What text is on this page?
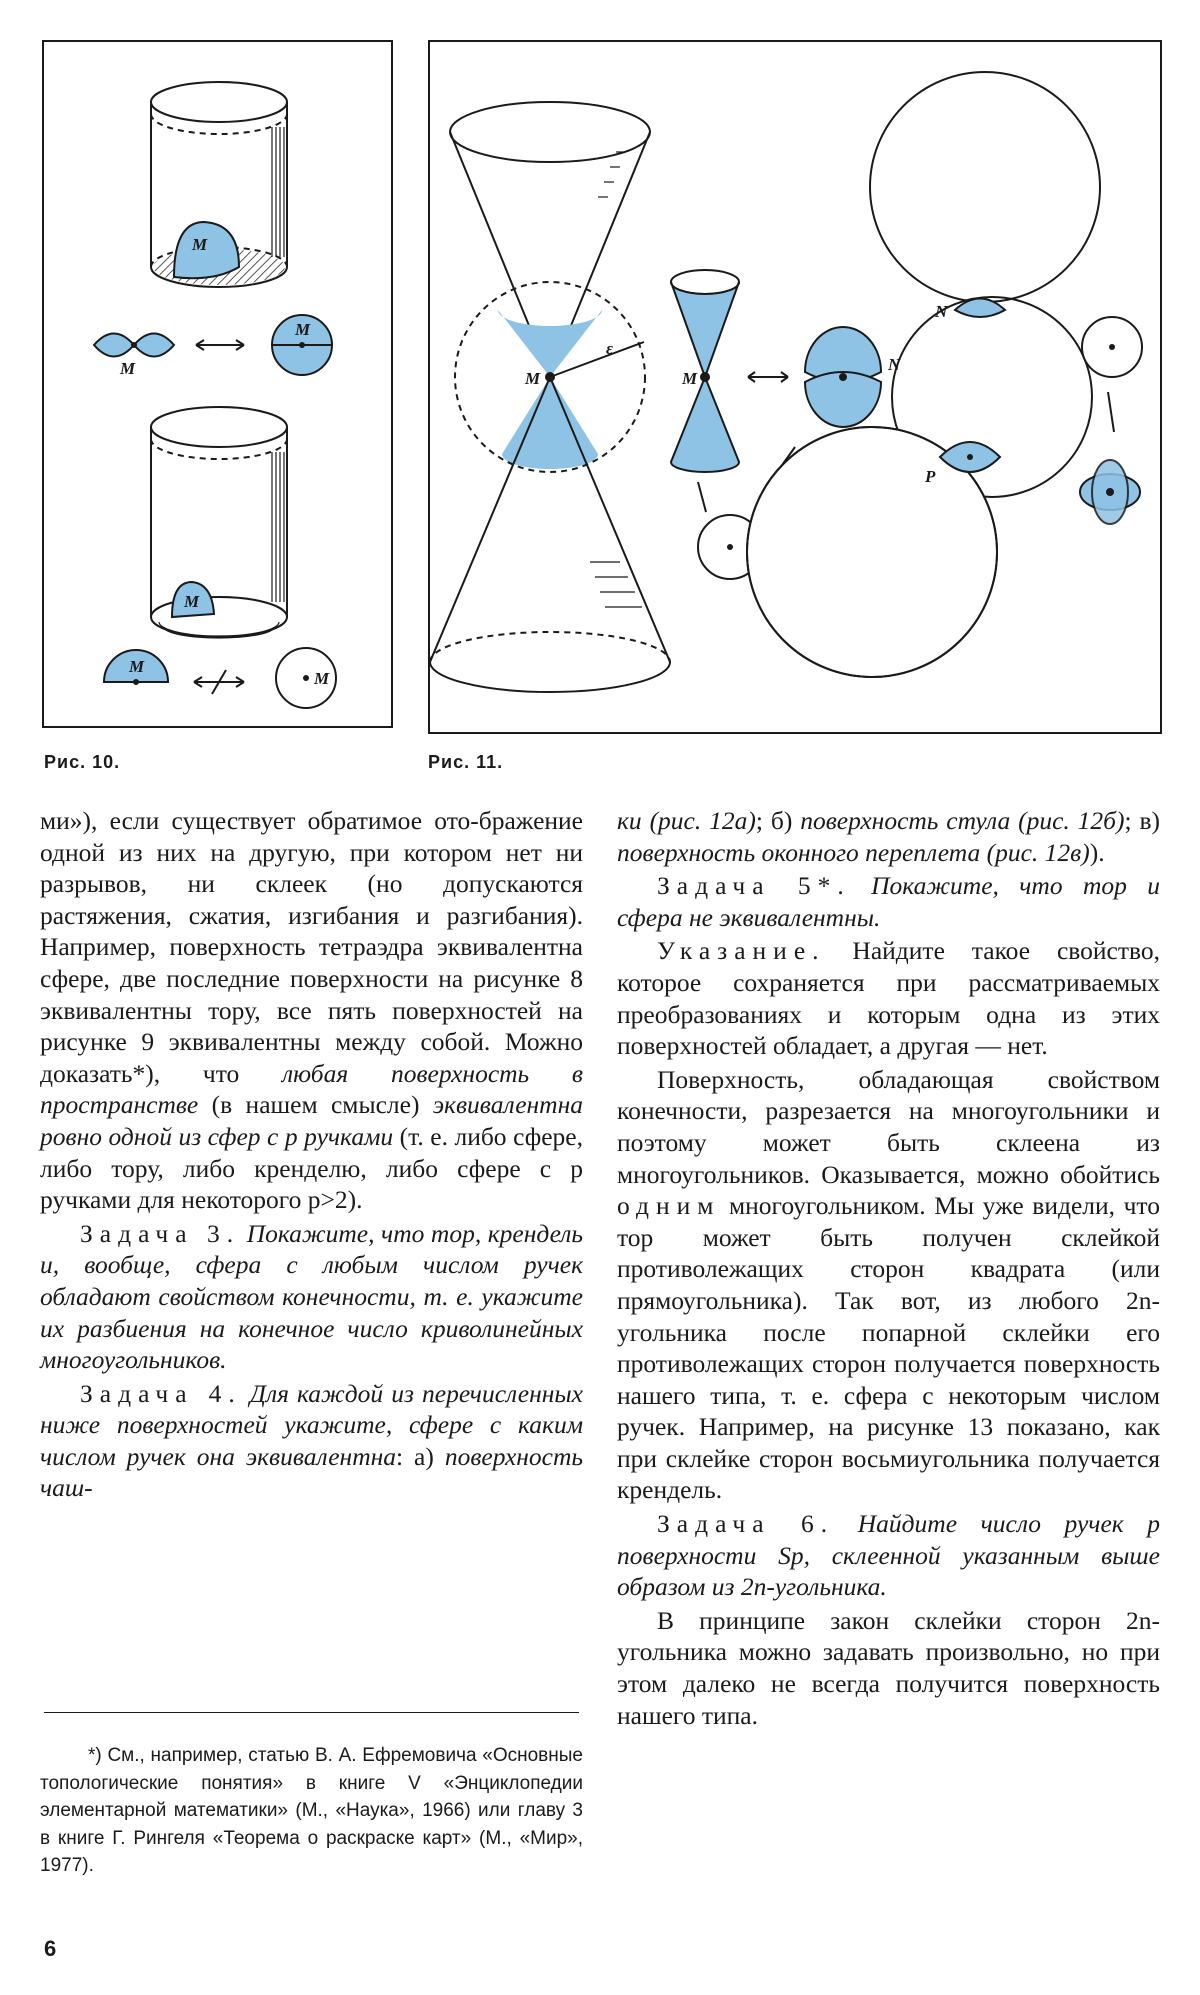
M
M
M
M
M
M
M
ε
M
N
N
P
Рис. 10.	Рис. 11.

ми»), если существует обратимое ото-бражение одной из них на другую, при котором нет ни разрывов, ни склеек (но допускаются растяжения, сжатия, изгибания и разгибания). Например, поверхность тетраэдра эквивалентна сфере, две последние поверхности на рисунке 8 эквивалентны тору, все пять поверхностей на рисунке 9 эквивалентны между собой. Можно доказать*), что любая поверхность в пространстве (в нашем смысле) эквивалентна ровно одной из сфер с р ручками (т. е. либо сфере, либо тору, либо кренделю, либо сфере с р ручками для некоторого р>2).

Задача 3. Покажите, что тор, крендель и, вообще, сфера с любым числом ручек обладают свойством конечности, т. е. укажите их разбиения на конечное число криволинейных многоугольников.

Задача 4. Для каждой из перечисленных ниже поверхностей укажите, сфере с каким числом ручек она эквивалентна: а) поверхность чаш-

ки (рис. 12а); б) поверхность стула (рис. 12б); в) поверхность оконного переплета (рис. 12в)).

Задача 5*. Покажите, что тор и сфера не эквивалентны.

Указание. Найдите такое свойство, которое сохраняется при рассматриваемых преобразованиях и которым одна из этих поверхностей обладает, а другая — нет.

Поверхность, обладающая свойством конечности, разрезается на многоугольники и поэтому может быть склеена из многоугольников. Оказывается, можно обойтись одним многоугольником. Мы уже видели, что тор может быть получен склейкой противолежащих сторон квадрата (или прямоугольника). Так вот, из любого 2n-угольника после попарной склейки его противолежащих сторон получается поверхность нашего типа, т. е. сфера с некоторым числом ручек. Например, на рисунке 13 показано, как при склейке сторон восьмиугольника получается крендель.

Задача 6. Найдите число ручек р поверхности Sp, склеенной указанным выше образом из 2n-угольника.

В принципе закон склейки сторон 2n-угольника можно задавать произвольно, но при этом далеко не всегда получится поверхность нашего типа.

*) См., например, статью В. А. Ефремовича «Основные топологические понятия» в книге V «Энциклопедии элементарной математики» (М., «Наука», 1966) или главу 3 в книге Г. Рингеля «Теорема о раскраске карт» (М., «Мир», 1977).

6
